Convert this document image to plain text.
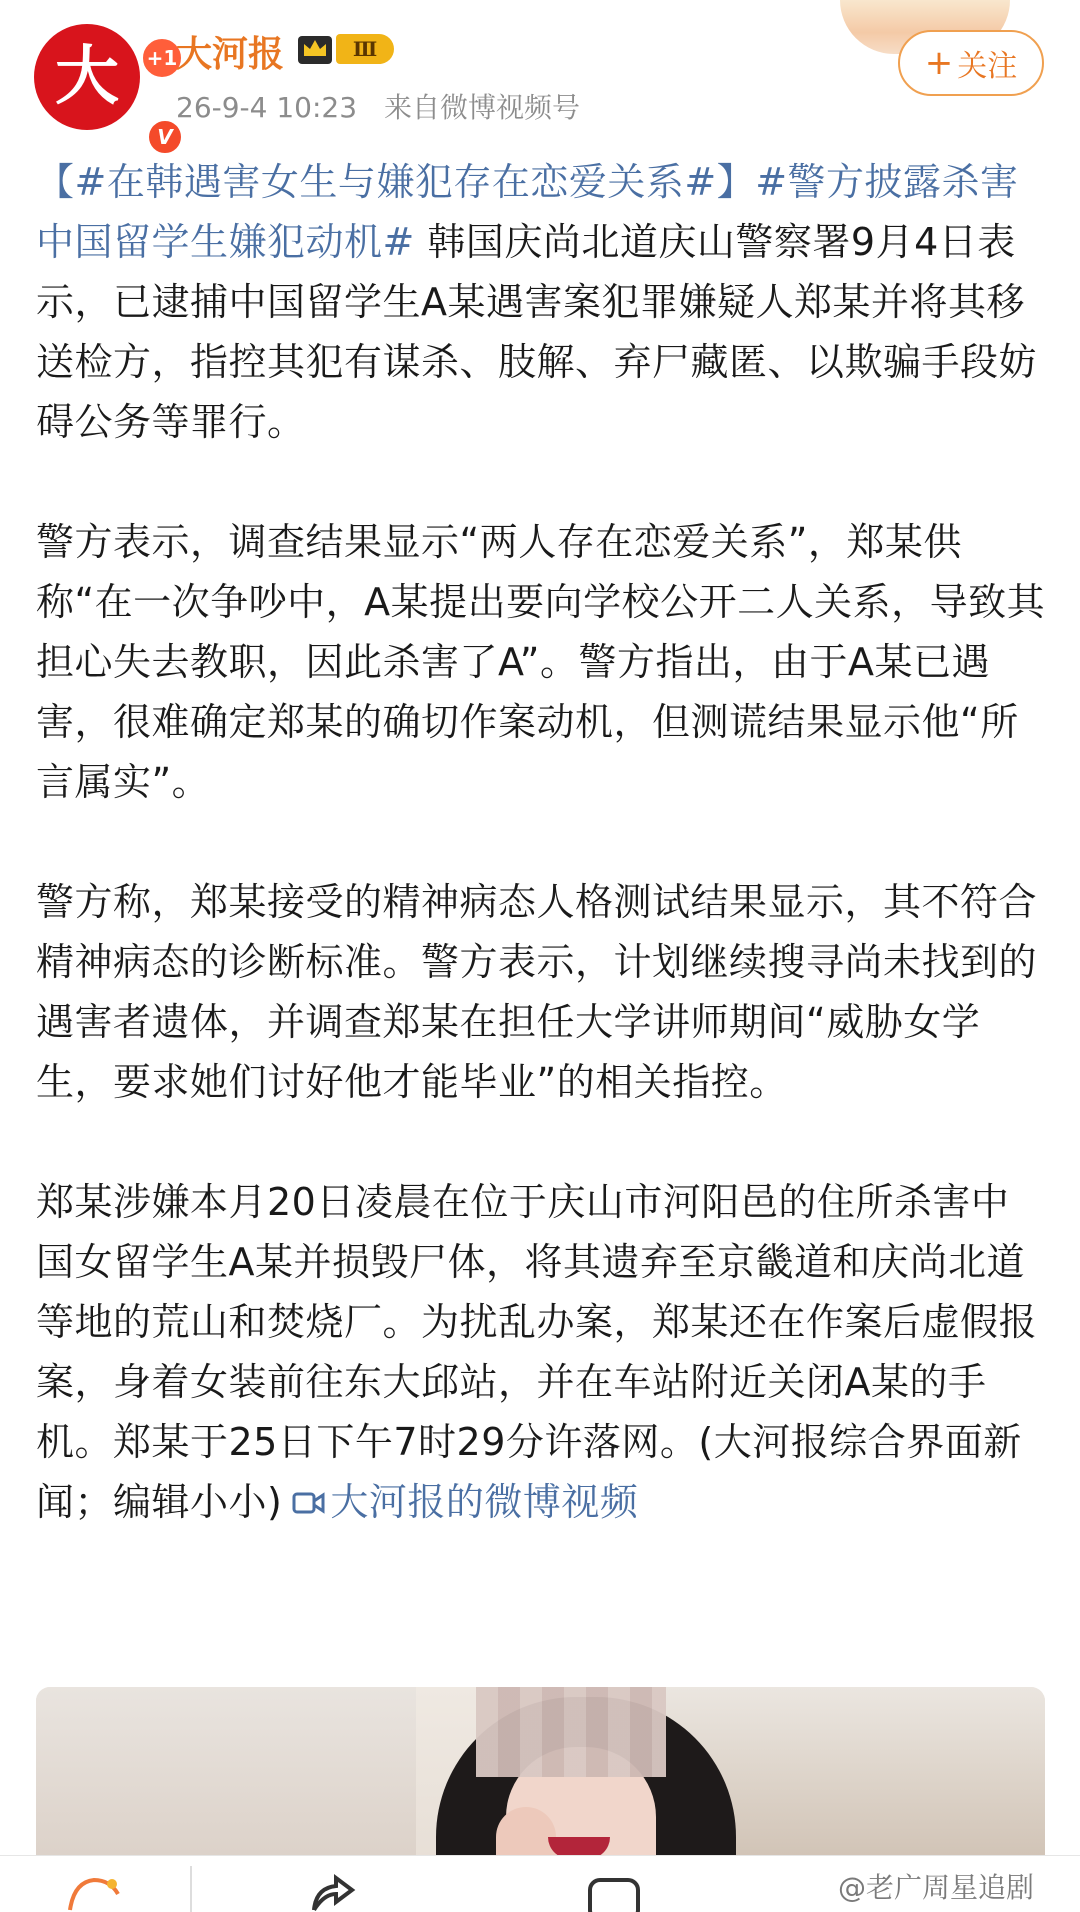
大	+1
V
大河报	Ⅲ
26-9-4 10:23 来自微博视频号
+ 关注

【#在韩遇害女生与嫌犯存在恋爱关系#】#警方披露杀害中国留学生嫌犯动机# 韩国庆尚北道庆山警察署9月4日表示，已逮捕中国留学生A某遇害案犯罪嫌疑人郑某并将其移送检方，指控其犯有谋杀、肢解、弃尸藏匿、以欺骗手段妨碍公务等罪行。

警方表示，调查结果显示“两人存在恋爱关系”，郑某供称“在一次争吵中，A某提出要向学校公开二人关系，导致其担心失去教职，因此杀害了A”。警方指出，由于A某已遇害，很难确定郑某的确切作案动机，但测谎结果显示他“所言属实”。

警方称，郑某接受的精神病态人格测试结果显示，其不符合精神病态的诊断标准。警方表示，计划继续搜寻尚未找到的遇害者遗体，并调查郑某在担任大学讲师期间“威胁女学生，要求她们讨好他才能毕业”的相关指控。

郑某涉嫌本月20日凌晨在位于庆山市河阳邑的住所杀害中国女留学生A某并损毁尸体，将其遗弃至京畿道和庆尚北道等地的荒山和焚烧厂。为扰乱办案，郑某还在作案后虚假报案，身着女装前往东大邱站，并在车站附近关闭A某的手机。郑某于25日下午7时29分许落网。(大河报综合界面新闻；编辑小小) 大河报的微博视频

@老广周星追剧
